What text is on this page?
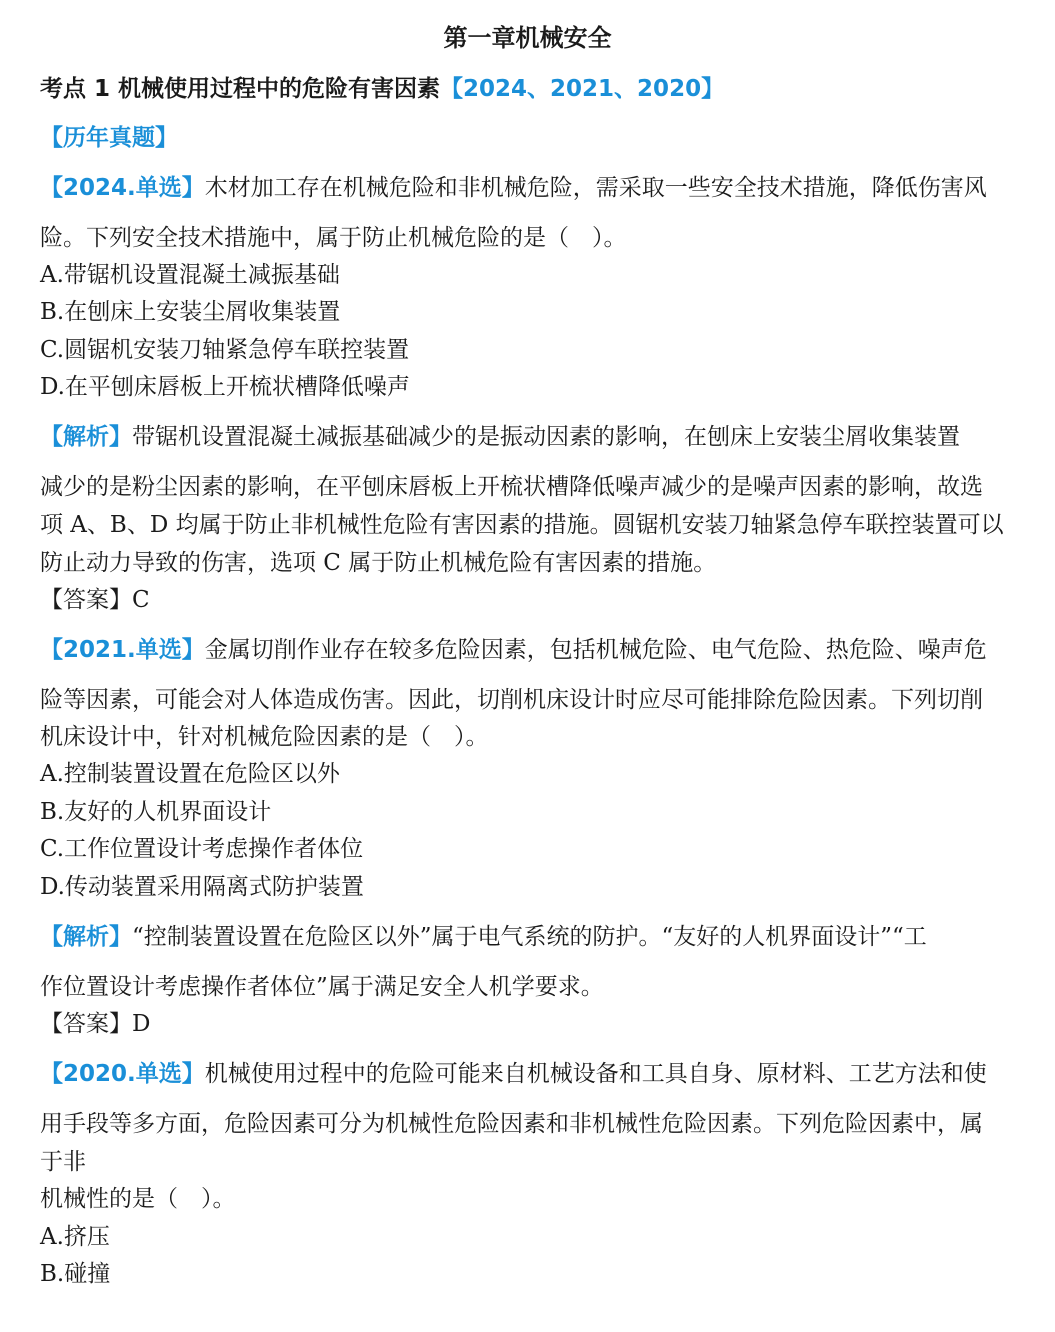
第一章机械安全
考点 1 机械使用过程中的危险有害因素【2024、2021、2020】
【历年真题】
【2024.单选】木材加工存在机械危险和非机械危险，需采取一些安全技术措施，降低伤害风
险。下列安全技术措施中，属于防止机械危险的是（　）。
A.带锯机设置混凝土减振基础
B.在刨床上安装尘屑收集装置
C.圆锯机安装刀轴紧急停车联控装置
D.在平刨床唇板上开梳状槽降低噪声
【解析】带锯机设置混凝土减振基础减少的是振动因素的影响，在刨床上安装尘屑收集装置
减少的是粉尘因素的影响，在平刨床唇板上开梳状槽降低噪声减少的是噪声因素的影响，故选
项 A、B、D 均属于防止非机械性危险有害因素的措施。圆锯机安装刀轴紧急停车联控装置可以
防止动力导致的伤害，选项 C 属于防止机械危险有害因素的措施。
【答案】C
【2021.单选】金属切削作业存在较多危险因素，包括机械危险、电气危险、热危险、噪声危
险等因素，可能会对人体造成伤害。因此，切削机床设计时应尽可能排除危险因素。下列切削
机床设计中，针对机械危险因素的是（　）。
A.控制装置设置在危险区以外
B.友好的人机界面设计
C.工作位置设计考虑操作者体位
D.传动装置采用隔离式防护装置
【解析】“控制装置设置在危险区以外”属于电气系统的防护。“友好的人机界面设计”“工
作位置设计考虑操作者体位”属于满足安全人机学要求。
【答案】D
【2020.单选】机械使用过程中的危险可能来自机械设备和工具自身、原材料、工艺方法和使
用手段等多方面，危险因素可分为机械性危险因素和非机械性危险因素。下列危险因素中，属
于非
机械性的是（　）。
A.挤压
B.碰撞
